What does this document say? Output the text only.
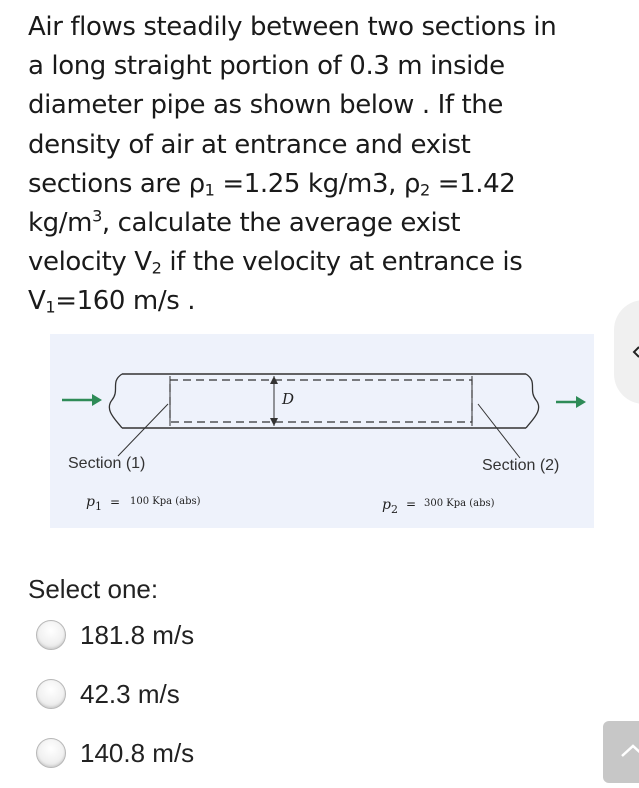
Air flows steadily between two sections in
a long straight portion of 0.3 m inside
diameter pipe as shown below . If the
density of air at entrance and exist
sections are $\rho_1 =1.25$ kg/m3, $\rho_2 =1.42$
$kg/m^3$, calculate the average exist
velocity $V_2$ if the velocity at entrance is
$V_1=160$ m/s .
D
Section (1)	Section (2)
$p_1 = 100$ Kpa (abs)	$p_2 = 300$ Kpa (abs)
Select one:
181.8 m/s
42.3 m/s
140.8 m/s
